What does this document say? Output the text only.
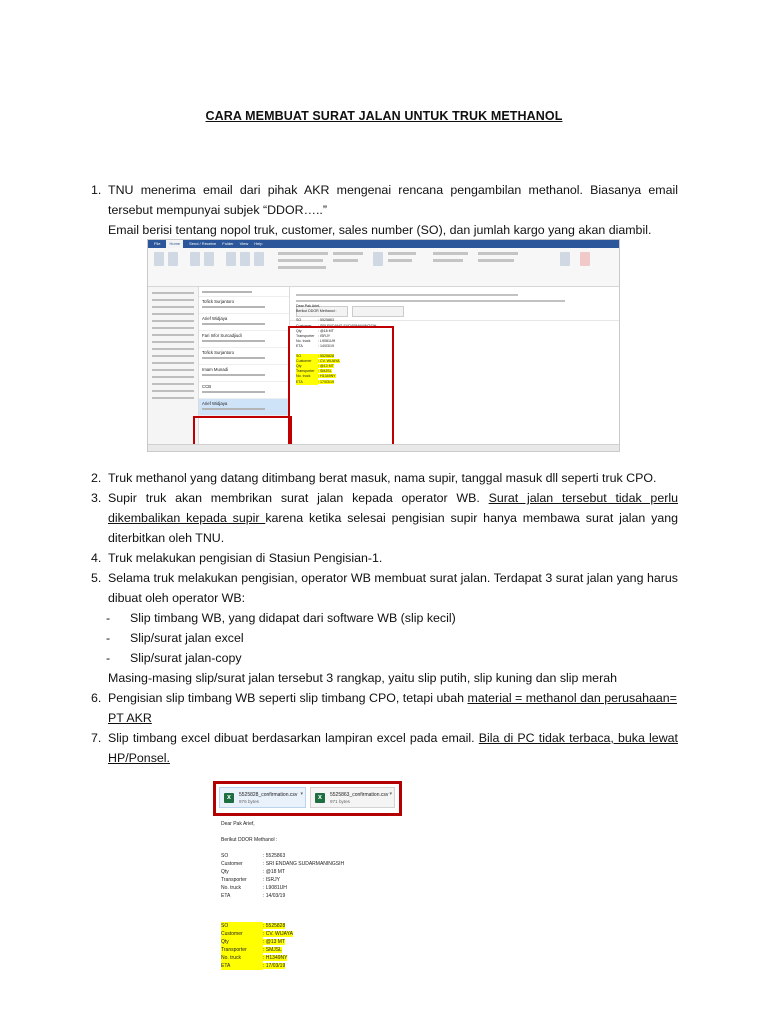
CARA MEMBUAT SURAT JALAN UNTUK TRUK METHANOL
1. TNU menerima email dari pihak AKR mengenai rencana pengambilan methanol. Biasanya email tersebut mempunyai subjek “DDOR…..”
Email berisi tentang nopol truk, customer, sales number (SO), dan jumlah kargo yang akan diambil.
File	Home	Send / Receive Folder View Help
Tofick Surjantoro
Arief Widjaya
Fari Infor Surcadjiudi
Tofick Surjantoro
Imam Munadi
CCB
Arief Widjaya
Dear Pak Arief,
Berikut DDOR Methanol :
SO	: 5525863
Customer : SRI ENDANG SUDARMANINGSIH
Qty	: @18 MT
Transporter : ISRJY
No. truck : L9081UH
ETA	: 14/03/19
SO	: 5525828
Customer : CV. WIJAYA
Qty	: @13 MT
Transporter : SMJSL
No. truck : H1349NY
ETA	: 17/03/19
2. Truk methanol yang datang ditimbang berat masuk, nama supir, tanggal masuk dll seperti truk CPO.
3. Supir truk akan membrikan surat jalan kepada operator WB. Surat jalan tersebut tidak perlu dikembalikan kepada supir karena ketika selesai pengisian supir hanya membawa surat jalan yang diterbitkan oleh TNU.
4. Truk melakukan pengisian di Stasiun Pengisian-1.
5. Selama truk melakukan pengisian, operator WB membuat surat jalan. Terdapat 3 surat jalan yang harus dibuat oleh operator WB:
- Slip timbang WB, yang didapat dari software WB (slip kecil)
- Slip/surat jalan excel
- Slip/surat jalan-copy
Masing-masing slip/surat jalan tersebut 3 rangkap, yaitu slip putih, slip kuning dan slip merah
6. Pengisian slip timbang WB seperti slip timbang CPO, tetapi ubah material = methanol dan perusahaan= PT AKR
7. Slip timbang excel dibuat berdasarkan lampiran excel pada email. Bila di PC tidak terbaca, buka lewat HP/Ponsel.
x	5525828_confirmation.csv
976 bytes
▾	x	5525863_confirmation.csv
971 bytes
▾
Dear Pak Arief,
Berikut DDOR Methanol :
SO	: 5525863
Customer	: SRI ENDANG SUDARMANINGSIH
Qty	: @18 MT
Transporter	: ISRJY
No. truck	: L9081UH
ETA	: 14/03/19
SO	: 5525828
Customer	: CV. WIJAYA
Qty	: @13 MT
Transporter	: SMJSL
No. truck	: H1349NY
ETA	: 17/03/19
